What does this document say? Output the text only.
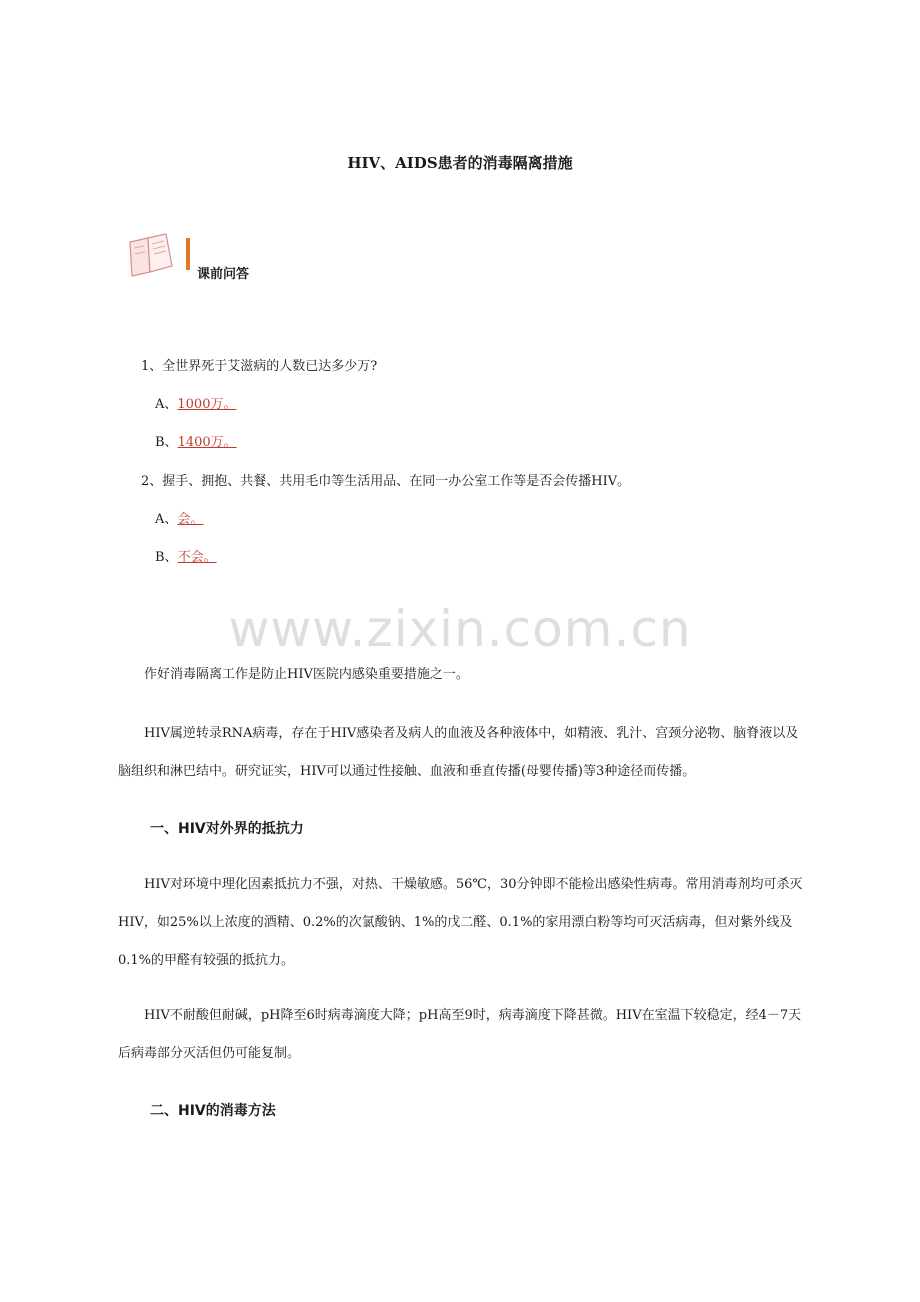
HIV、AIDS患者的消毒隔离措施
课前问答
1、全世界死于艾滋病的人数已达多少万?
A、1000万。
B、1400万。
2、握手、拥抱、共餐、共用毛巾等生活用品、在同一办公室工作等是否会传播HIV。
A、会。
B、不会。
www.zixin.com.cn
作好消毒隔离工作是防止HIV医院内感染重要措施之一。
HIV属逆转录RNA病毒，存在于HIV感染者及病人的血液及各种液体中，如精液、乳汁、宫颈分泌物、脑脊液以及脑组织和淋巴结中。研究证实，HIV可以通过性接触、血液和垂直传播(母婴传播)等3种途径而传播。
一、HIV对外界的抵抗力
HIV对环境中理化因素抵抗力不强，对热、干燥敏感。56℃，30分钟即不能检出感染性病毒。常用消毒剂均可杀灭HIV，如25%以上浓度的酒精、0.2%的次氯酸钠、1%的戊二醛、0.1%的家用漂白粉等均可灭活病毒，但对紫外线及0.1%的甲醛有较强的抵抗力。
HIV不耐酸但耐碱，pH降至6时病毒滴度大降；pH高至9时，病毒滴度下降甚微。HIV在室温下较稳定，经4－7天后病毒部分灭活但仍可能复制。
二、HIV的消毒方法
